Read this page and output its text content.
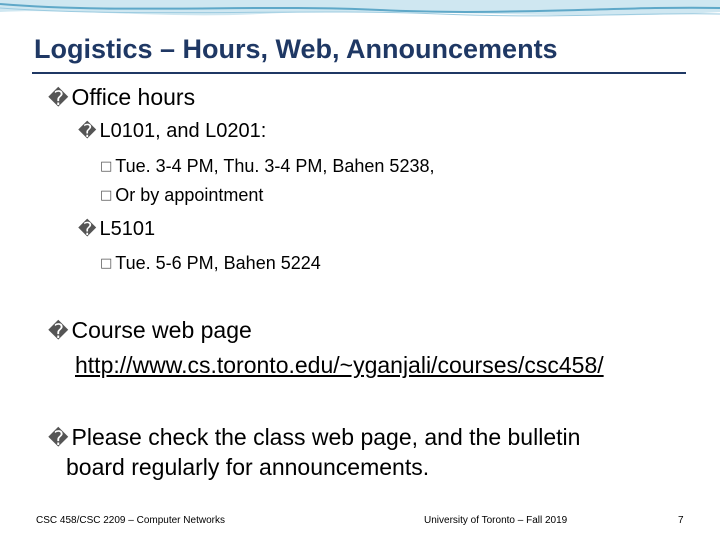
Logistics – Hours, Web, Announcements
� Office hours
� L0101, and L0201:
□ Tue. 3-4 PM, Thu. 3-4 PM, Bahen 5238,
□ Or by appointment
� L5101
□ Tue. 5-6 PM, Bahen 5224
� Course web page
http://www.cs.toronto.edu/~yganjali/courses/csc458/
� Please check the class web page, and the bulletin
board regularly for announcements.
CSC 458/CSC 2209 – Computer Networks	University of Toronto – Fall 2019	7
